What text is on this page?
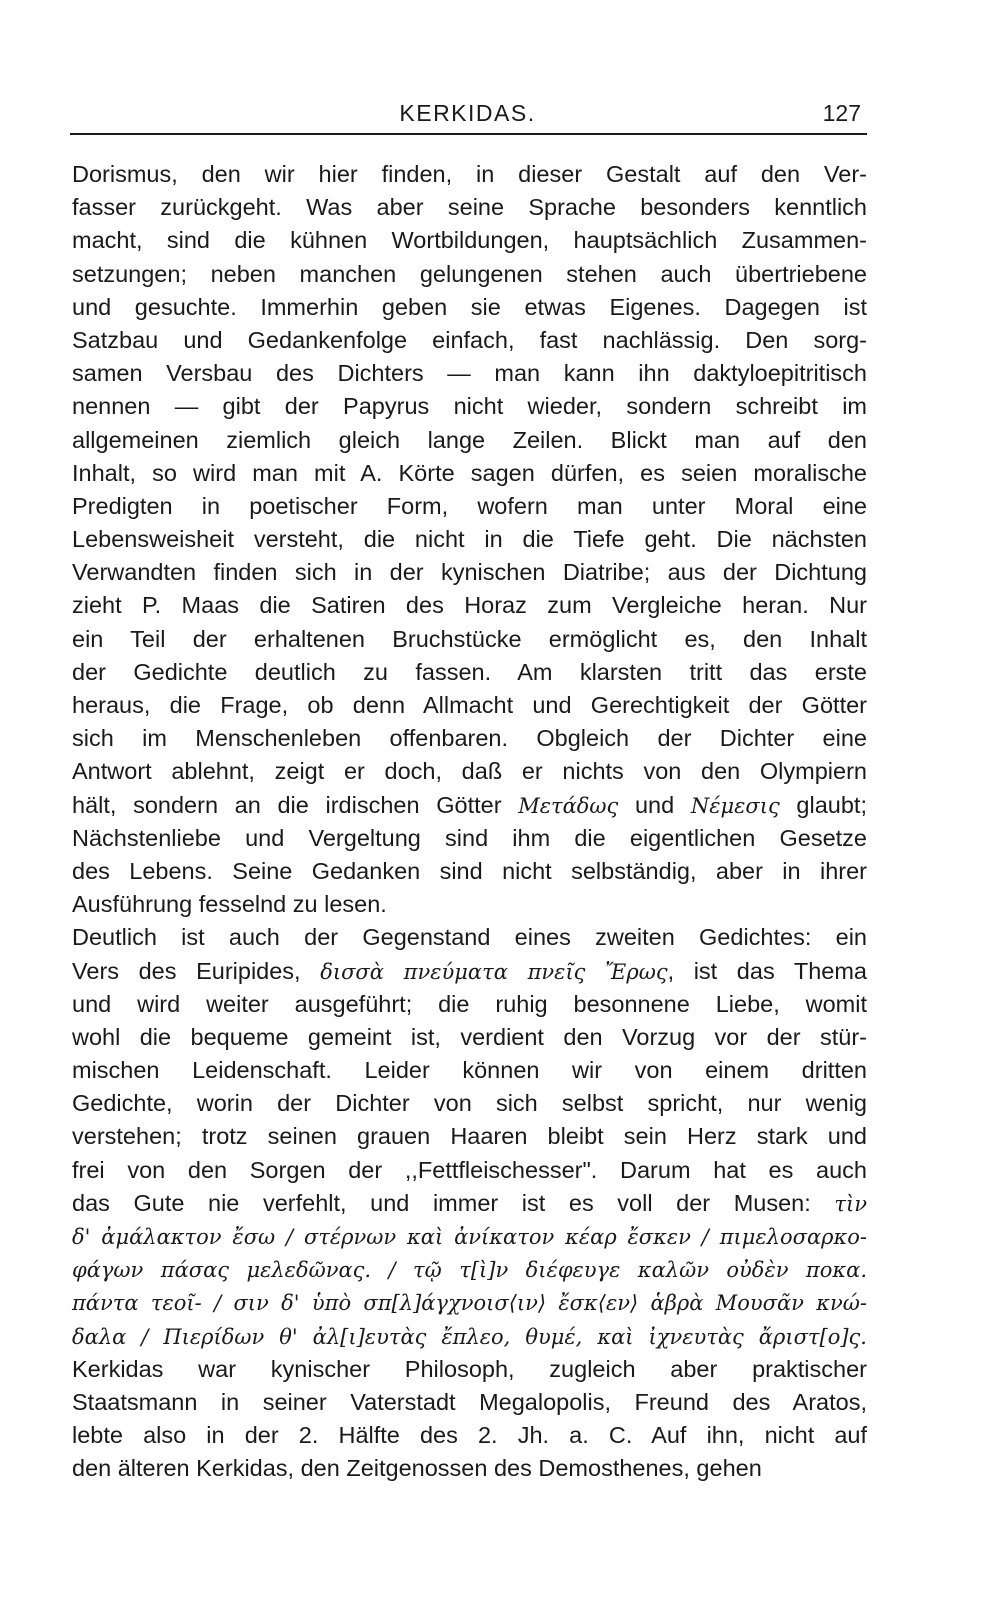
KERKIDAS.	127
Dorismus, den wir hier finden, in dieser Gestalt auf den Ver-
fasser zurückgeht. Was aber seine Sprache besonders kenntlich
macht, sind die kühnen Wortbildungen, hauptsächlich Zusammen-
setzungen; neben manchen gelungenen stehen auch übertriebene
und gesuchte. Immerhin geben sie etwas Eigenes. Dagegen ist
Satzbau und Gedankenfolge einfach, fast nachlässig. Den sorg-
samen Versbau des Dichters — man kann ihn daktyloepitritisch
nennen — gibt der Papyrus nicht wieder, sondern schreibt im
allgemeinen ziemlich gleich lange Zeilen. Blickt man auf den
Inhalt, so wird man mit A. Körte sagen dürfen, es seien moralische
Predigten in poetischer Form, wofern man unter Moral eine
Lebensweisheit versteht, die nicht in die Tiefe geht. Die nächsten
Verwandten finden sich in der kynischen Diatribe; aus der Dichtung
zieht P. Maas die Satiren des Horaz zum Vergleiche heran. Nur
ein Teil der erhaltenen Bruchstücke ermöglicht es, den Inhalt
der Gedichte deutlich zu fassen. Am klarsten tritt das erste
heraus, die Frage, ob denn Allmacht und Gerechtigkeit der Götter
sich im Menschenleben offenbaren. Obgleich der Dichter eine
Antwort ablehnt, zeigt er doch, daß er nichts von den Olympiern
hält, sondern an die irdischen Götter Μετάδως und Νέμεσις glaubt;
Nächstenliebe und Vergeltung sind ihm die eigentlichen Gesetze
des Lebens. Seine Gedanken sind nicht selbständig, aber in ihrer
Ausführung fesselnd zu lesen.
Deutlich ist auch der Gegenstand eines zweiten Gedichtes: ein
Vers des Euripides, δισσὰ πνεύματα πνεῖς Ἔρως, ist das Thema
und wird weiter ausgeführt; die ruhig besonnene Liebe, womit
wohl die bequeme gemeint ist, verdient den Vorzug vor der stür-
mischen Leidenschaft. Leider können wir von einem dritten
Gedichte, worin der Dichter von sich selbst spricht, nur wenig
verstehen; trotz seinen grauen Haaren bleibt sein Herz stark und
frei von den Sorgen der ,,Fettfleischesser". Darum hat es auch
das Gute nie verfehlt, und immer ist es voll der Musen: τὶν
δ' ἀμάλακτον ἔσω / στέρνων καὶ ἀνίκατον κέαρ ἔσκεν / πιμελοσαρκο-
φάγων πάσας μελεδῶνας. / τῷ τ[ὶ]ν διέφευγε καλῶν οὐδὲν ποκα.
πάντα τεοῖ- / σιν δ' ὑπὸ σπ[λ]άγχνοισ⟨ιν⟩ ἔσκ⟨εν⟩ ἁβρὰ Μουσᾶν κνώ-
δαλα / Πιερίδων θ' ἀλ[ι]ευτὰς ἔπλεο, θυμέ, καὶ ἰχνευτὰς ἄριστ[ο]ς.
Kerkidas war kynischer Philosoph, zugleich aber praktischer
Staatsmann in seiner Vaterstadt Megalopolis, Freund des Aratos,
lebte also in der 2. Hälfte des 2. Jh. a. C. Auf ihn, nicht auf
den älteren Kerkidas, den Zeitgenossen des Demosthenes, gehen
